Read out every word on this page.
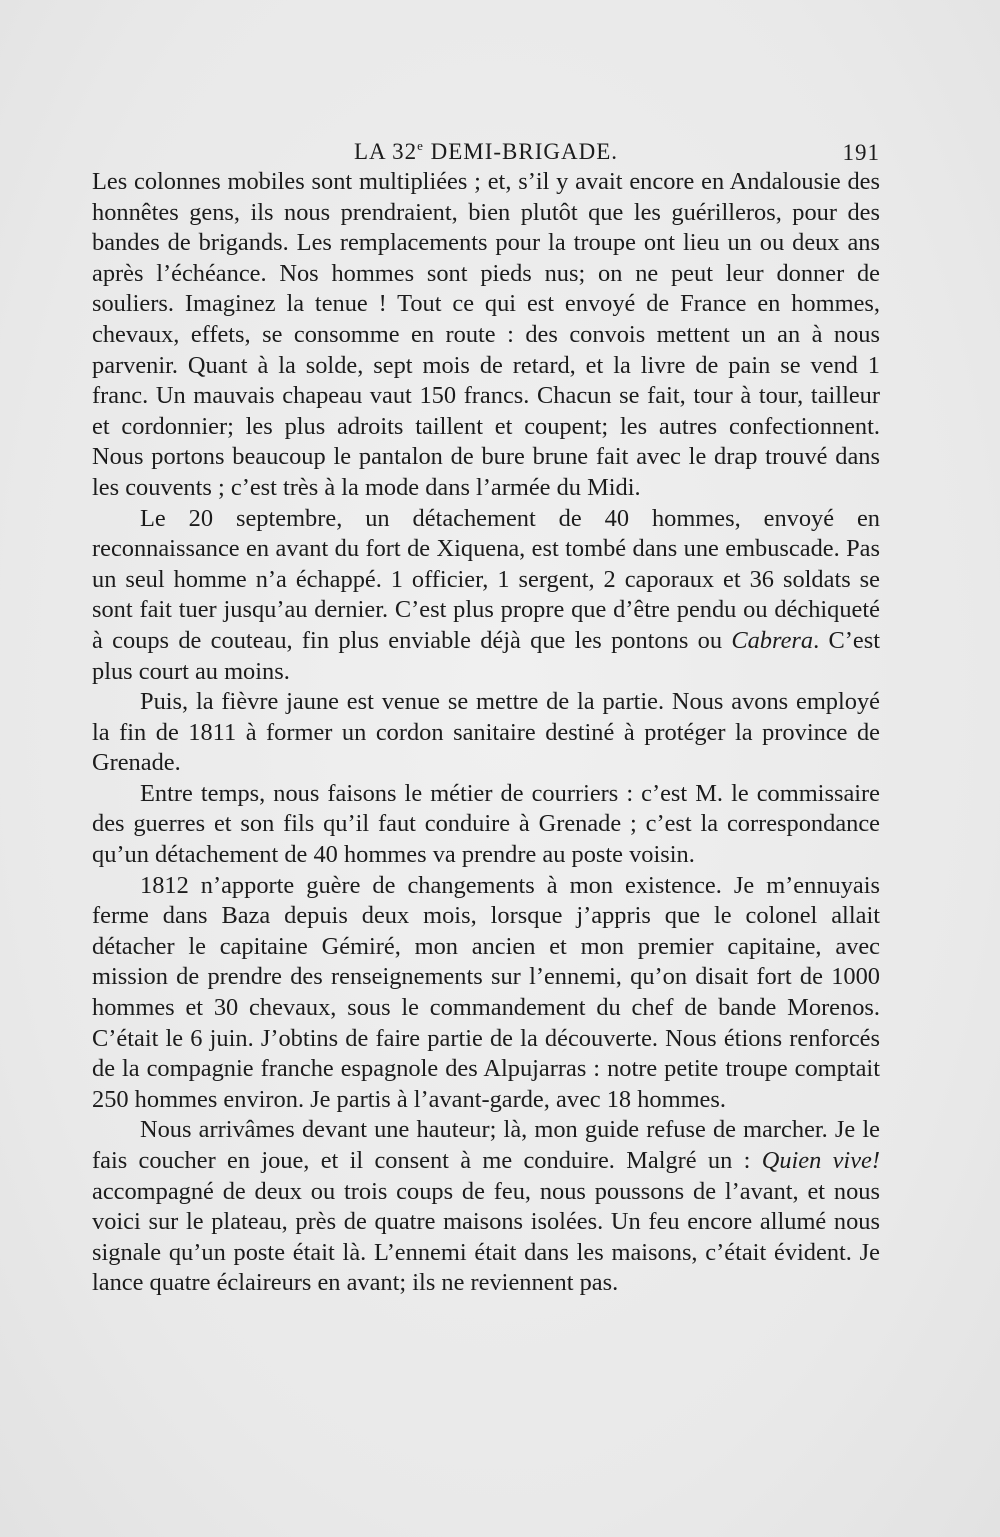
LA 32e DEMI-BRIGADE.	191

Les colonnes mobiles sont multipliées ; et, s’il y avait encore en Andalousie des honnêtes gens, ils nous prendraient, bien plutôt que les guérilleros, pour des bandes de brigands. Les remplacements pour la troupe ont lieu un ou deux ans après l’échéance. Nos hommes sont pieds nus; on ne peut leur donner de souliers. Imaginez la tenue ! Tout ce qui est envoyé de France en hommes, chevaux, effets, se consomme en route : des convois mettent un an à nous parvenir. Quant à la solde, sept mois de retard, et la livre de pain se vend 1 franc. Un mauvais chapeau vaut 150 francs. Chacun se fait, tour à tour, tailleur et cordonnier; les plus adroits taillent et coupent; les autres confectionnent. Nous portons beaucoup le pantalon de bure brune fait avec le drap trouvé dans les couvents ; c’est très à la mode dans l’armée du Midi.

Le 20 septembre, un détachement de 40 hommes, envoyé en reconnaissance en avant du fort de Xiquena, est tombé dans une embuscade. Pas un seul homme n’a échappé. 1 officier, 1 sergent, 2 caporaux et 36 soldats se sont fait tuer jusqu’au dernier. C’est plus propre que d’être pendu ou déchiqueté à coups de couteau, fin plus enviable déjà que les pontons ou Cabrera. C’est plus court au moins.

Puis, la fièvre jaune est venue se mettre de la partie. Nous avons employé la fin de 1811 à former un cordon sanitaire destiné à protéger la province de Grenade.

Entre temps, nous faisons le métier de courriers : c’est M. le commissaire des guerres et son fils qu’il faut conduire à Grenade ; c’est la correspondance qu’un détachement de 40 hommes va prendre au poste voisin.

1812 n’apporte guère de changements à mon existence. Je m’ennuyais ferme dans Baza depuis deux mois, lorsque j’appris que le colonel allait détacher le capitaine Gémiré, mon ancien et mon premier capitaine, avec mission de prendre des renseignements sur l’ennemi, qu’on disait fort de 1000 hommes et 30 chevaux, sous le commandement du chef de bande Morenos. C’était le 6 juin. J’obtins de faire partie de la découverte. Nous étions renforcés de la compagnie franche espagnole des Alpujarras : notre petite troupe comptait 250 hommes environ. Je partis à l’avant-garde, avec 18 hommes.

Nous arrivâmes devant une hauteur; là, mon guide refuse de marcher. Je le fais coucher en joue, et il consent à me conduire. Malgré un : Quien vive! accompagné de deux ou trois coups de feu, nous poussons de l’avant, et nous voici sur le plateau, près de quatre maisons isolées. Un feu encore allumé nous signale qu’un poste était là. L’ennemi était dans les maisons, c’était évident. Je lance quatre éclaireurs en avant; ils ne reviennent pas.
